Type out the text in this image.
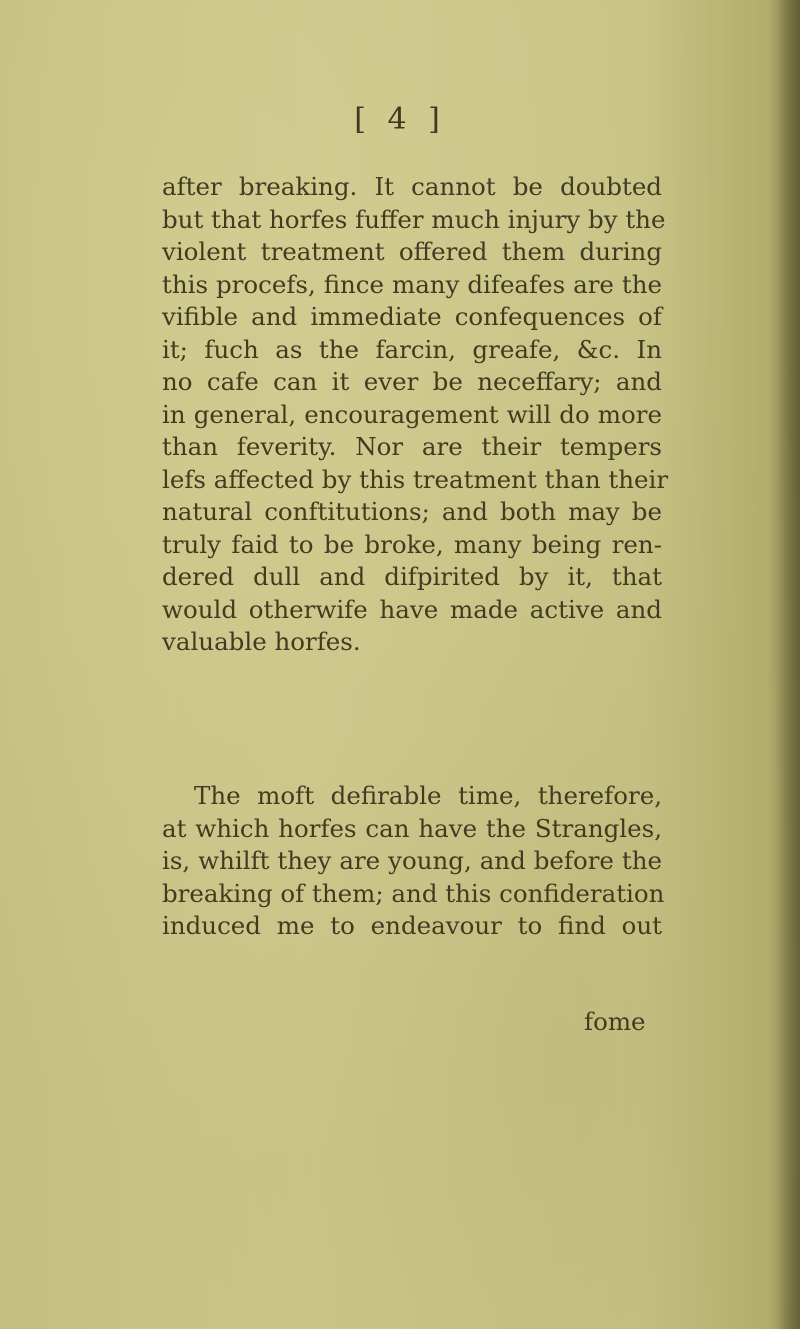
[ 4 ]
after breaking. It cannot be doubted
but that horfes fuffer much injury by the
violent treatment offered them during
this procefs, fince many difeafes are the
vifible and immediate confequences of
it; fuch as the farcin, greafe, &c. In
no cafe can it ever be neceffary; and
in general, encouragement will do more
than feverity. Nor are their tempers
lefs affected by this treatment than their
natural conftitutions; and both may be
truly faid to be broke, many being ren-
dered dull and difpirited by it, that
would otherwife have made active and
valuable horfes.
The moft defirable time, therefore,
at which horfes can have the Strangles,
is, whilft they are young, and before the
breaking of them; and this confideration
induced me to endeavour to find out
fome
